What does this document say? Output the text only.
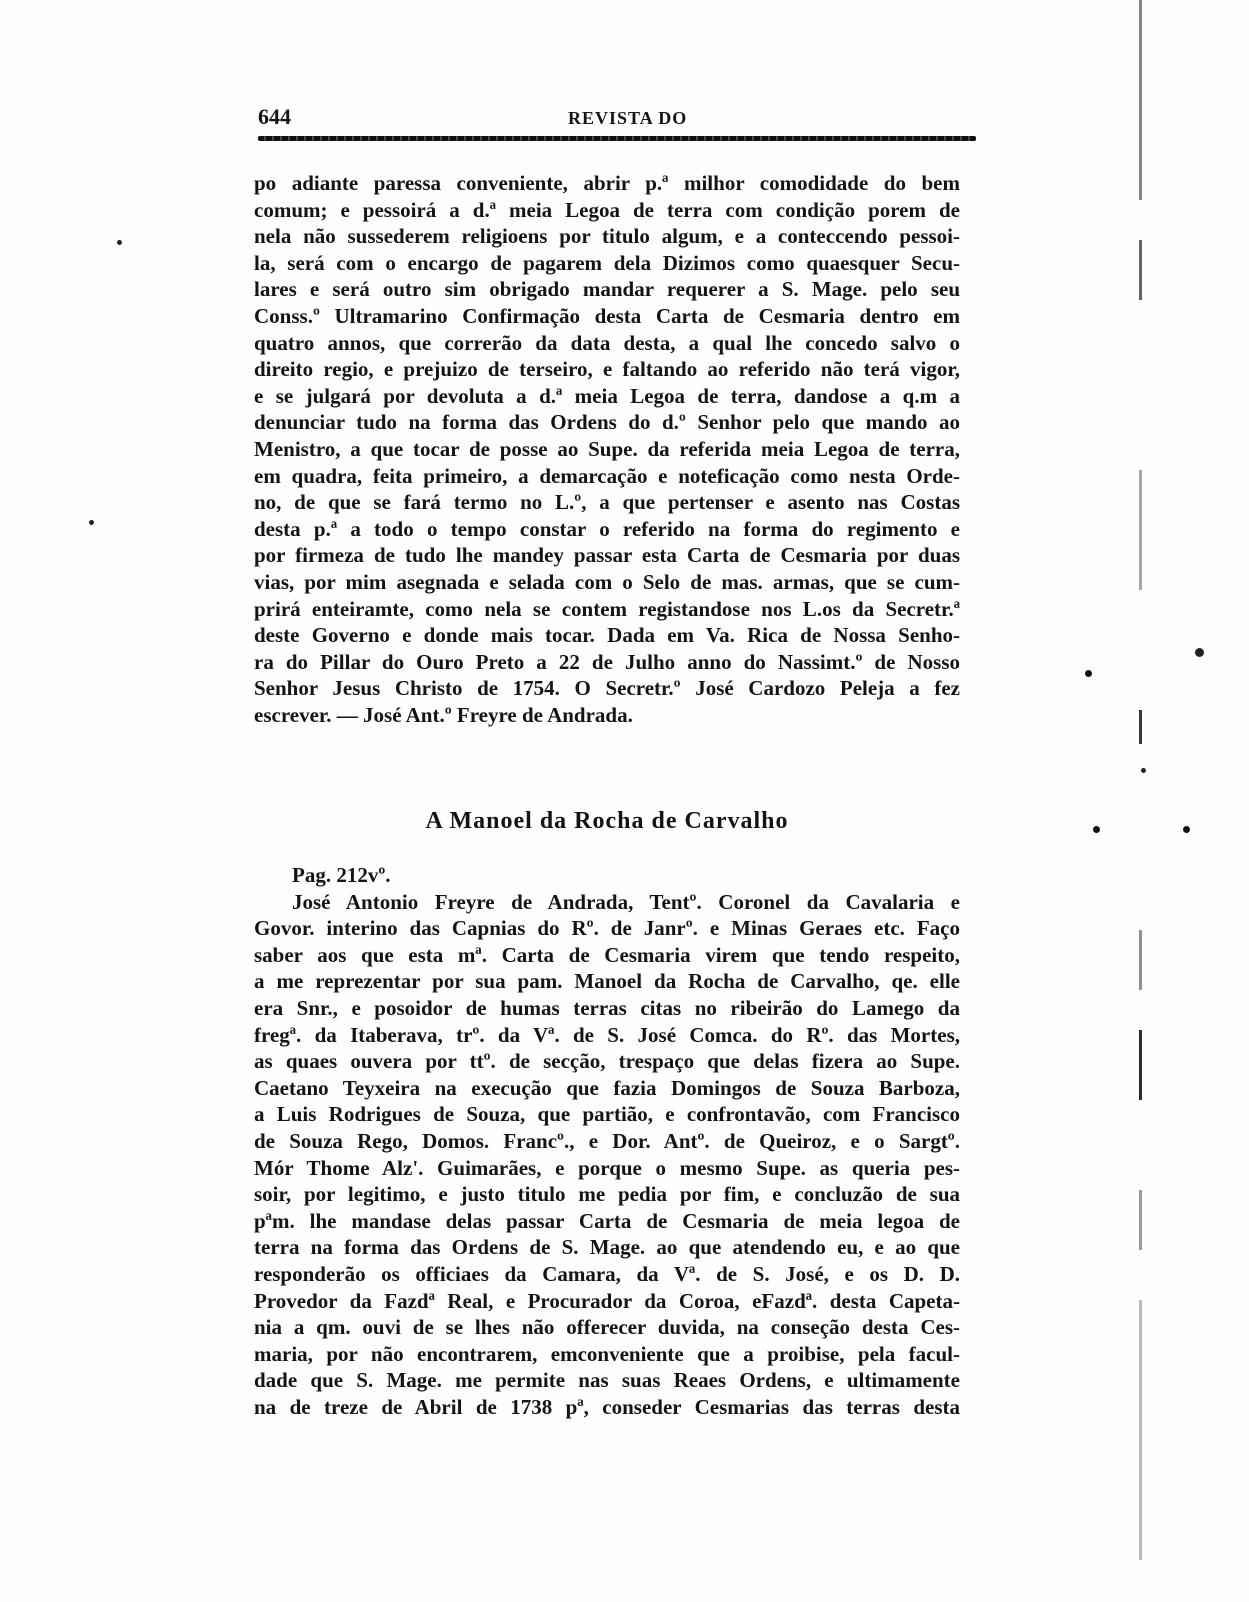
644	REVISTA DO
po adiante paressa conveniente, abrir p.ª milhor comodidade do bem
comum; e pessoirá a d.ª meia Legoa de terra com condição porem de
nela não sussederem religioens por titulo algum, e a conteccendo pessoi-
la, será com o encargo de pagarem dela Dizimos como quaesquer Secu-
lares e será outro sim obrigado mandar requerer a S. Mage. pelo seu
Conss.º Ultramarino Confirmação desta Carta de Cesmaria dentro em
quatro annos, que correrão da data desta, a qual lhe concedo salvo o
direito regio, e prejuizo de terseiro, e faltando ao referido não terá vigor,
e se julgará por devoluta a d.ª meia Legoa de terra, dandose a q.m a
denunciar tudo na forma das Ordens do d.º Senhor pelo que mando ao
Menistro, a que tocar de posse ao Supe. da referida meia Legoa de terra,
em quadra, feita primeiro, a demarcação e noteficação como nesta Orde-
no, de que se fará termo no L.º, a que pertenser e asento nas Costas
desta p.ª a todo o tempo constar o referido na forma do regimento e
por firmeza de tudo lhe mandey passar esta Carta de Cesmaria por duas
vias, por mim asegnada e selada com o Selo de mas. armas, que se cum-
prirá enteiramte, como nela se contem registandose nos L.os da Secretr.ª
deste Governo e donde mais tocar. Dada em Va. Rica de Nossa Senho-
ra do Pillar do Ouro Preto a 22 de Julho anno do Nassimt.º de Nosso
Senhor Jesus Christo de 1754. O Secretr.º José Cardozo Peleja a fez
escrever. — José Ant.º Freyre de Andrada.
A Manoel da Rocha de Carvalho
Pag. 212vº.
José Antonio Freyre de Andrada, Tentº. Coronel da Cavalaria e
Govor. interino das Capnias do Rº. de Janrº. e Minas Geraes etc. Faço
saber aos que esta mª. Carta de Cesmaria virem que tendo respeito,
a me reprezentar por sua pam. Manoel da Rocha de Carvalho, qe. elle
era Snr., e posoidor de humas terras citas no ribeirão do Lamego da
fregª. da Itaberava, trº. da Vª. de S. José Comca. do Rº. das Mortes,
as quaes ouvera por ttº. de secção, trespaço que delas fizera ao Supe.
Caetano Teyxeira na execução que fazia Domingos de Souza Barboza,
a Luis Rodrigues de Souza, que partião, e confrontavão, com Francisco
de Souza Rego, Domos. Francº., e Dor. Antº. de Queiroz, e o Sargtº.
Mór Thome Alz'. Guimarães, e porque o mesmo Supe. as queria pes-
soir, por legitimo, e justo titulo me pedia por fim, e concluzão de sua
pªm. lhe mandase delas passar Carta de Cesmaria de meia legoa de
terra na forma das Ordens de S. Mage. ao que atendendo eu, e ao que
responderão os officiaes da Camara, da Vª. de S. José, e os D. D.
Provedor da Fazdª Real, e Procurador da Coroa, eFazdª. desta Capeta-
nia a qm. ouvi de se lhes não offerecer duvida, na conseção desta Ces-
maria, por não encontrarem, emconveniente que a proibise, pela facul-
dade que S. Mage. me permite nas suas Reaes Ordens, e ultimamente
na de treze de Abril de 1738 pª, conseder Cesmarias das terras desta
